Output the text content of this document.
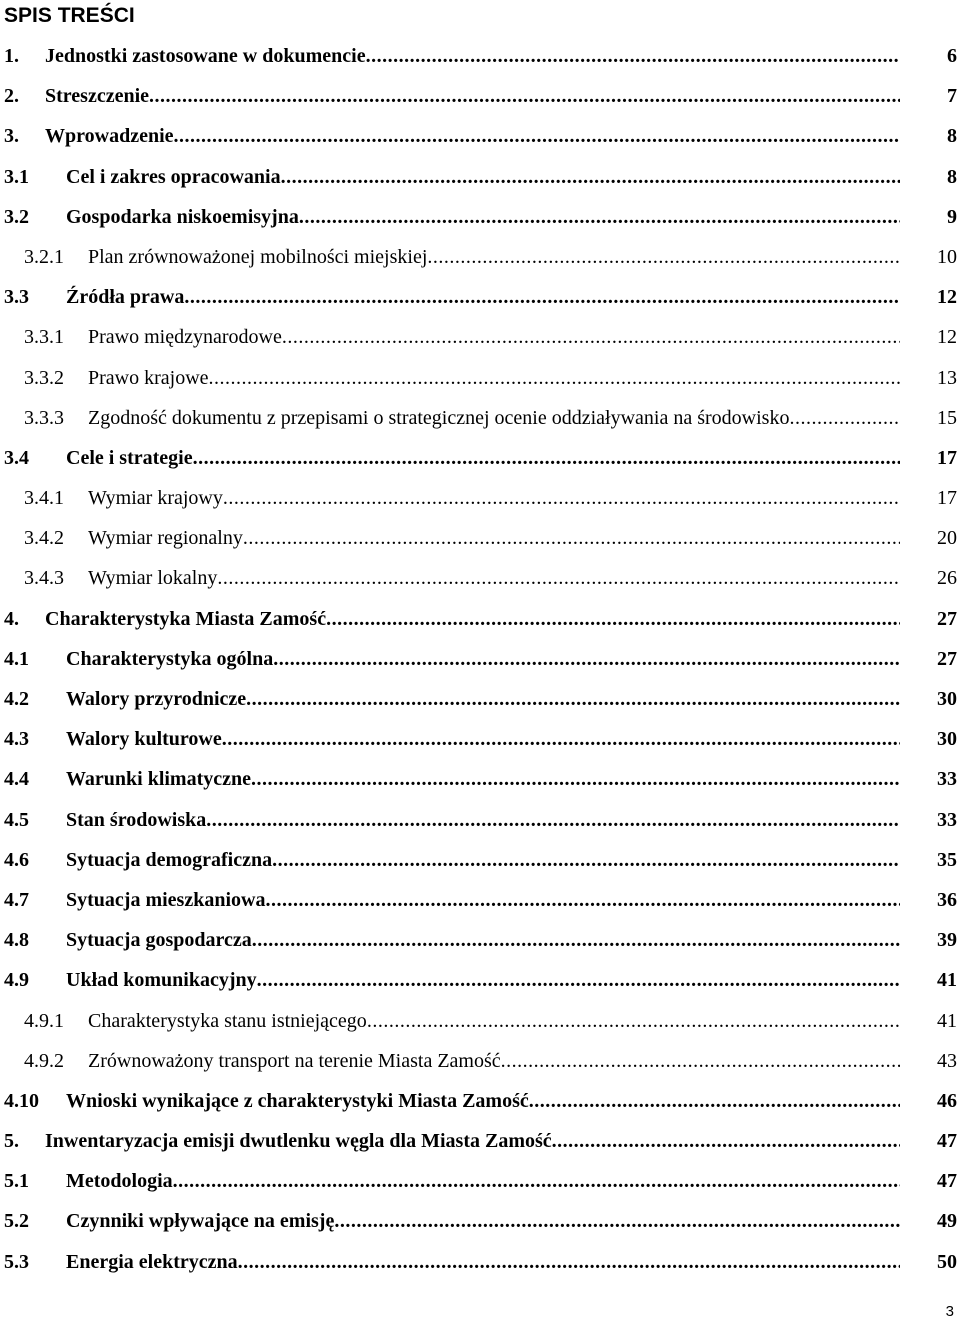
SPIS TREŚCI
1. Jednostki zastosowane w dokumencie .....	6
2. Streszczenie .....	7
3. Wprowadzenie .....	8
3.1 Cel i zakres opracowania .....	8
3.2 Gospodarka niskoemisyjna .....	9
3.2.1 Plan zrównoważonej mobilności miejskiej .....	10
3.3 Źródła prawa .....	12
3.3.1 Prawo międzynarodowe .....	12
3.3.2 Prawo krajowe .....	13
3.3.3 Zgodność dokumentu z przepisami o strategicznej ocenie oddziaływania na środowisko .....	15
3.4 Cele i strategie .....	17
3.4.1 Wymiar krajowy .....	17
3.4.2 Wymiar regionalny .....	20
3.4.3 Wymiar lokalny .....	26
4. Charakterystyka Miasta Zamość .....	27
4.1 Charakterystyka ogólna .....	27
4.2 Walory przyrodnicze .....	30
4.3 Walory kulturowe .....	30
4.4 Warunki klimatyczne .....	33
4.5 Stan środowiska .....	33
4.6 Sytuacja demograficzna .....	35
4.7 Sytuacja mieszkaniowa .....	36
4.8 Sytuacja gospodarcza .....	39
4.9 Układ komunikacyjny .....	41
4.9.1 Charakterystyka stanu istniejącego .....	41
4.9.2 Zrównoważony transport na terenie Miasta Zamość .....	43
4.10 Wnioski wynikające z charakterystyki Miasta Zamość .....	46
5. Inwentaryzacja emisji dwutlenku węgla dla Miasta Zamość .....	47
5.1 Metodologia .....	47
5.2 Czynniki wpływające na emisję .....	49
5.3 Energia elektryczna .....	50
3
